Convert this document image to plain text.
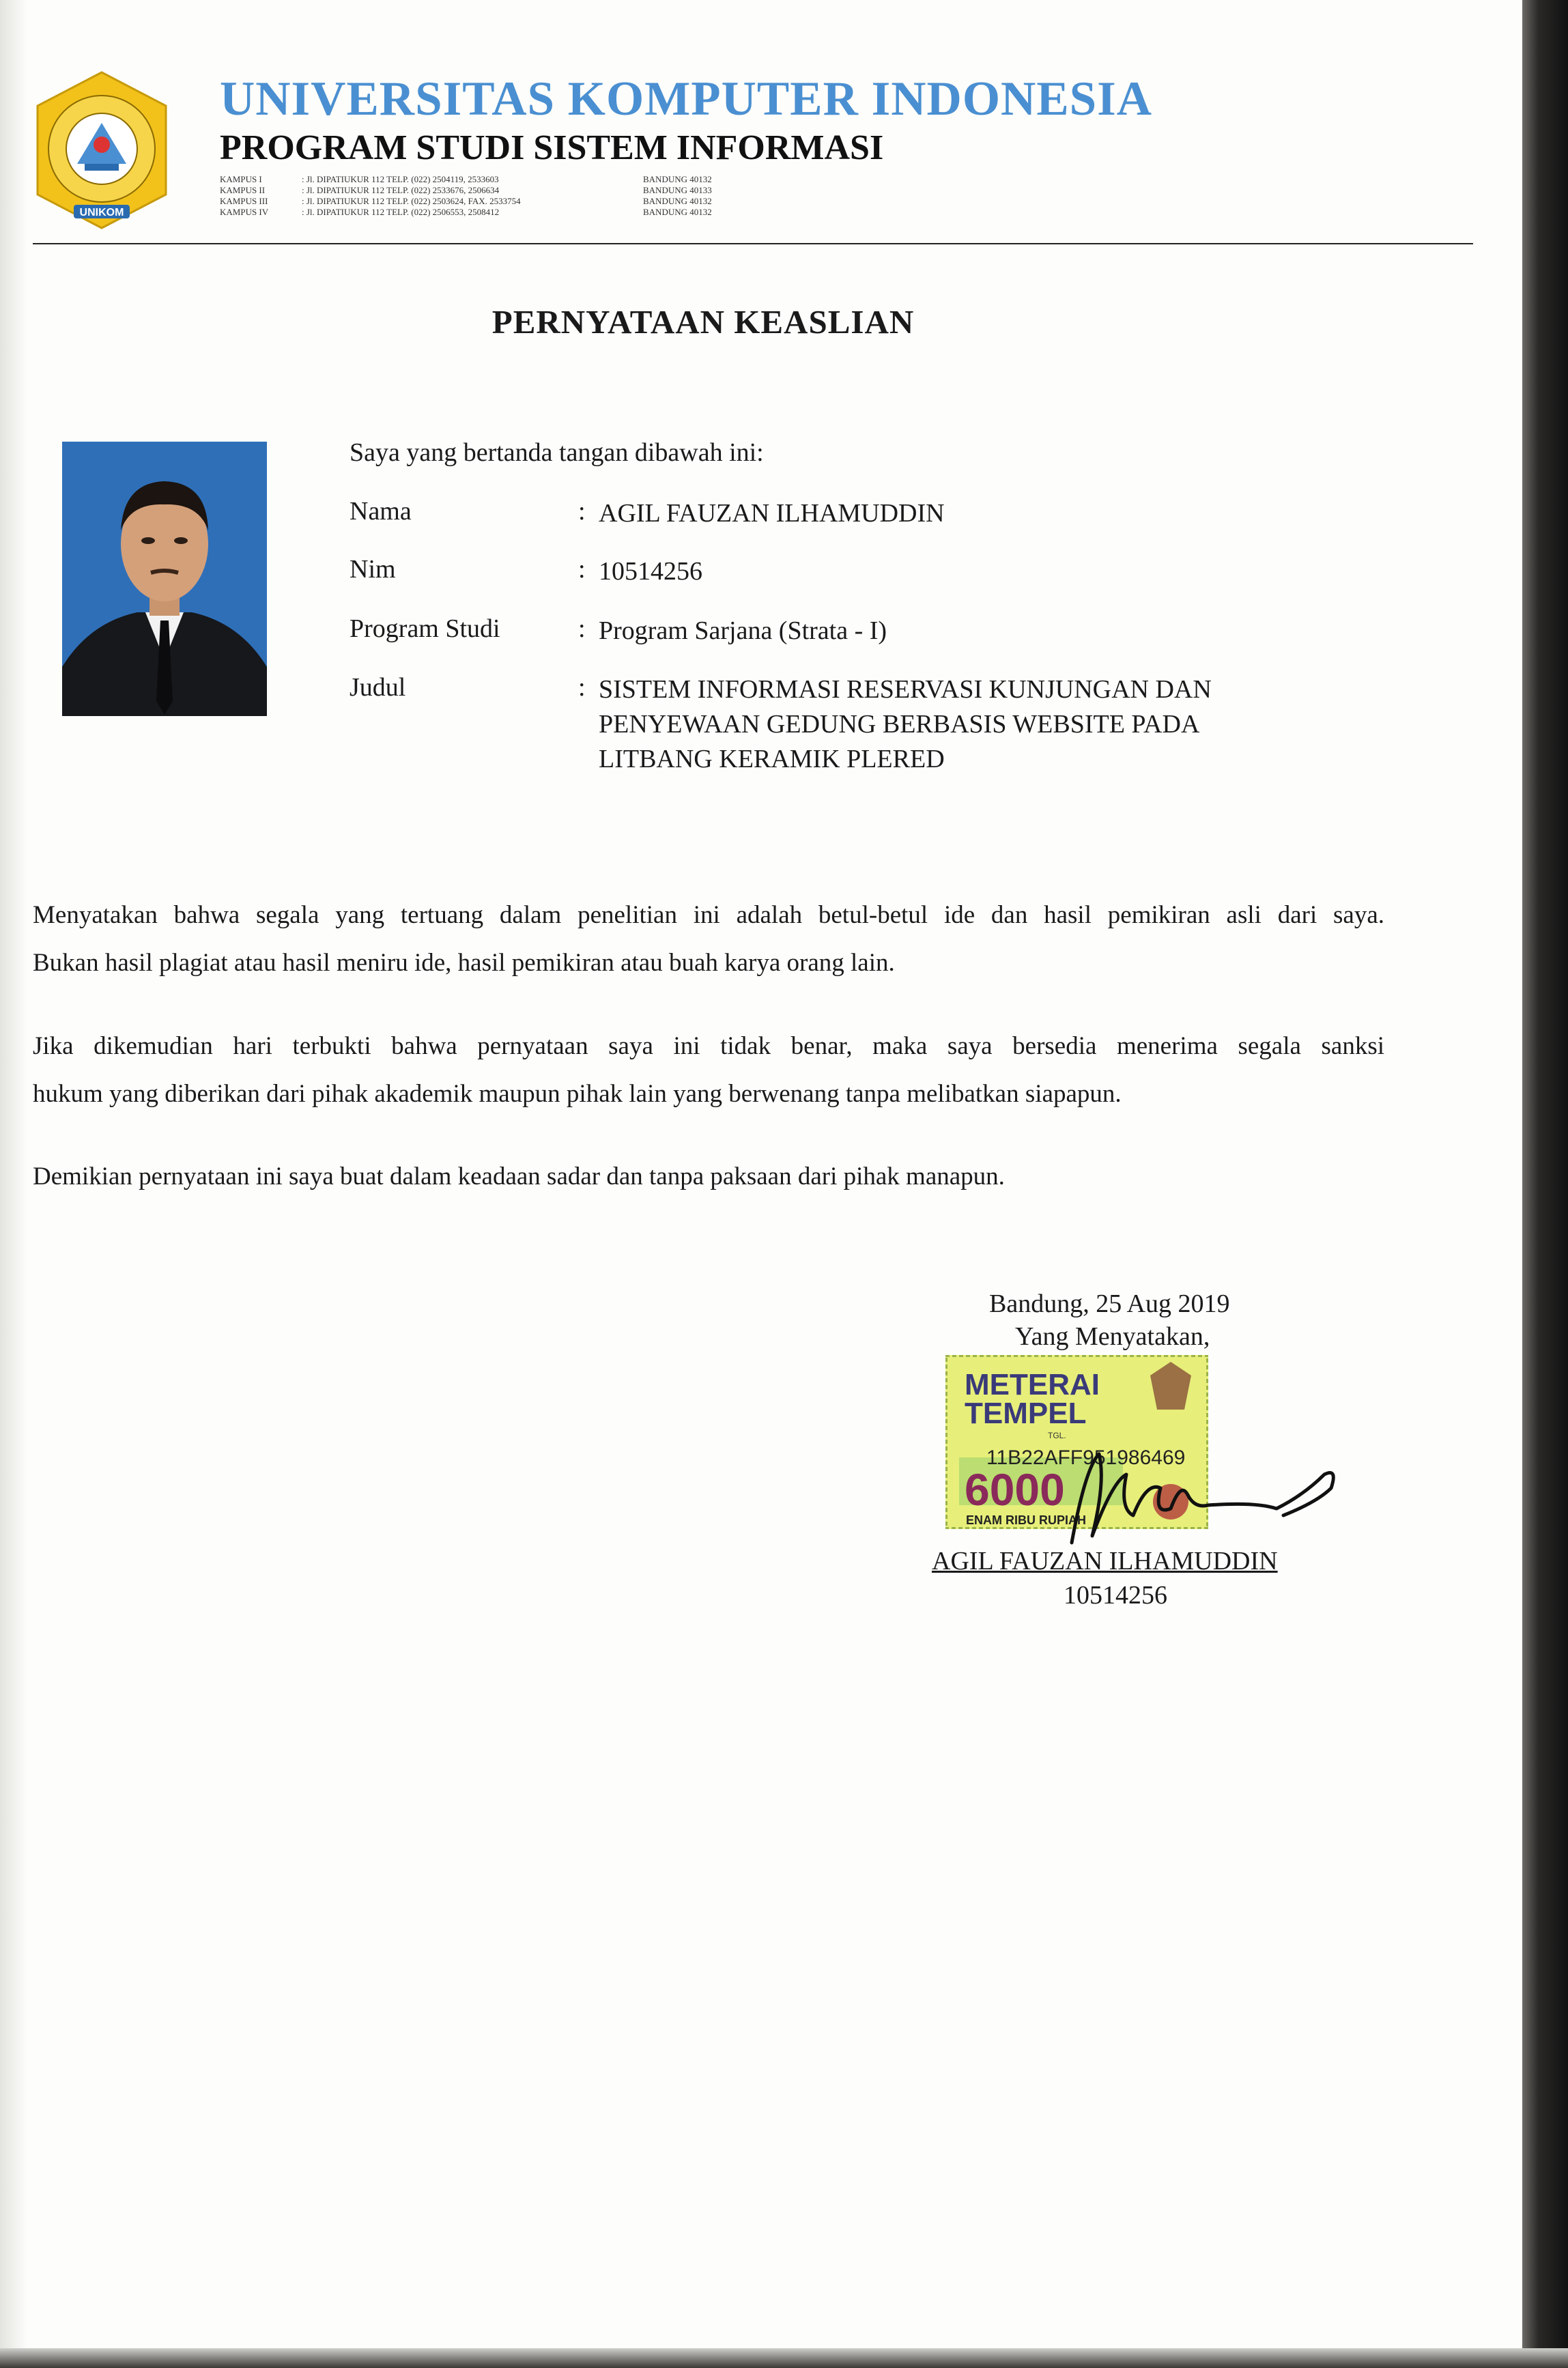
UNIKOM
UNIVERSITAS KOMPUTER INDONESIA
PROGRAM STUDI SISTEM INFORMASI
KAMPUS I	: Jl. DIPATIUKUR 112 TELP. (022) 2504119, 2533603	BANDUNG 40132
KAMPUS II	: Jl. DIPATIUKUR 112 TELP. (022) 2533676, 2506634	BANDUNG 40133
KAMPUS III	: Jl. DIPATIUKUR 112 TELP. (022) 2503624, FAX. 2533754	BANDUNG 40132
KAMPUS IV	: Jl. DIPATIUKUR 112 TELP. (022) 2506553, 2508412	BANDUNG 40132
PERNYATAAN KEASLIAN
Saya yang bertanda tangan dibawah ini:
Nama	: AGIL FAUZAN ILHAMUDDIN
Nim	: 10514256
Program Studi	: Program Sarjana (Strata - I)
Judul	: SISTEM INFORMASI RESERVASI KUNJUNGAN DAN
PENYEWAAN GEDUNG BERBASIS WEBSITE PADA
LITBANG KERAMIK PLERED
Menyatakan bahwa segala yang tertuang dalam penelitian ini adalah betul-betul ide dan hasil pemikiran asli dari saya.
Bukan hasil plagiat atau hasil meniru ide, hasil pemikiran atau buah karya orang lain.
Jika dikemudian hari terbukti bahwa pernyataan saya ini tidak benar, maka saya bersedia menerima segala sanksi
hukum yang diberikan dari pihak akademik maupun pihak lain yang berwenang tanpa melibatkan siapapun.
Demikian pernyataan ini saya buat dalam keadaan sadar dan tanpa paksaan dari pihak manapun.
Bandung, 25 Aug 2019
Yang Menyatakan,
METERAI
TEMPEL
TGL.
11B22AFF951986469
6000
ENAM RIBU RUPIAH
AGIL FAUZAN ILHAMUDDIN
10514256
